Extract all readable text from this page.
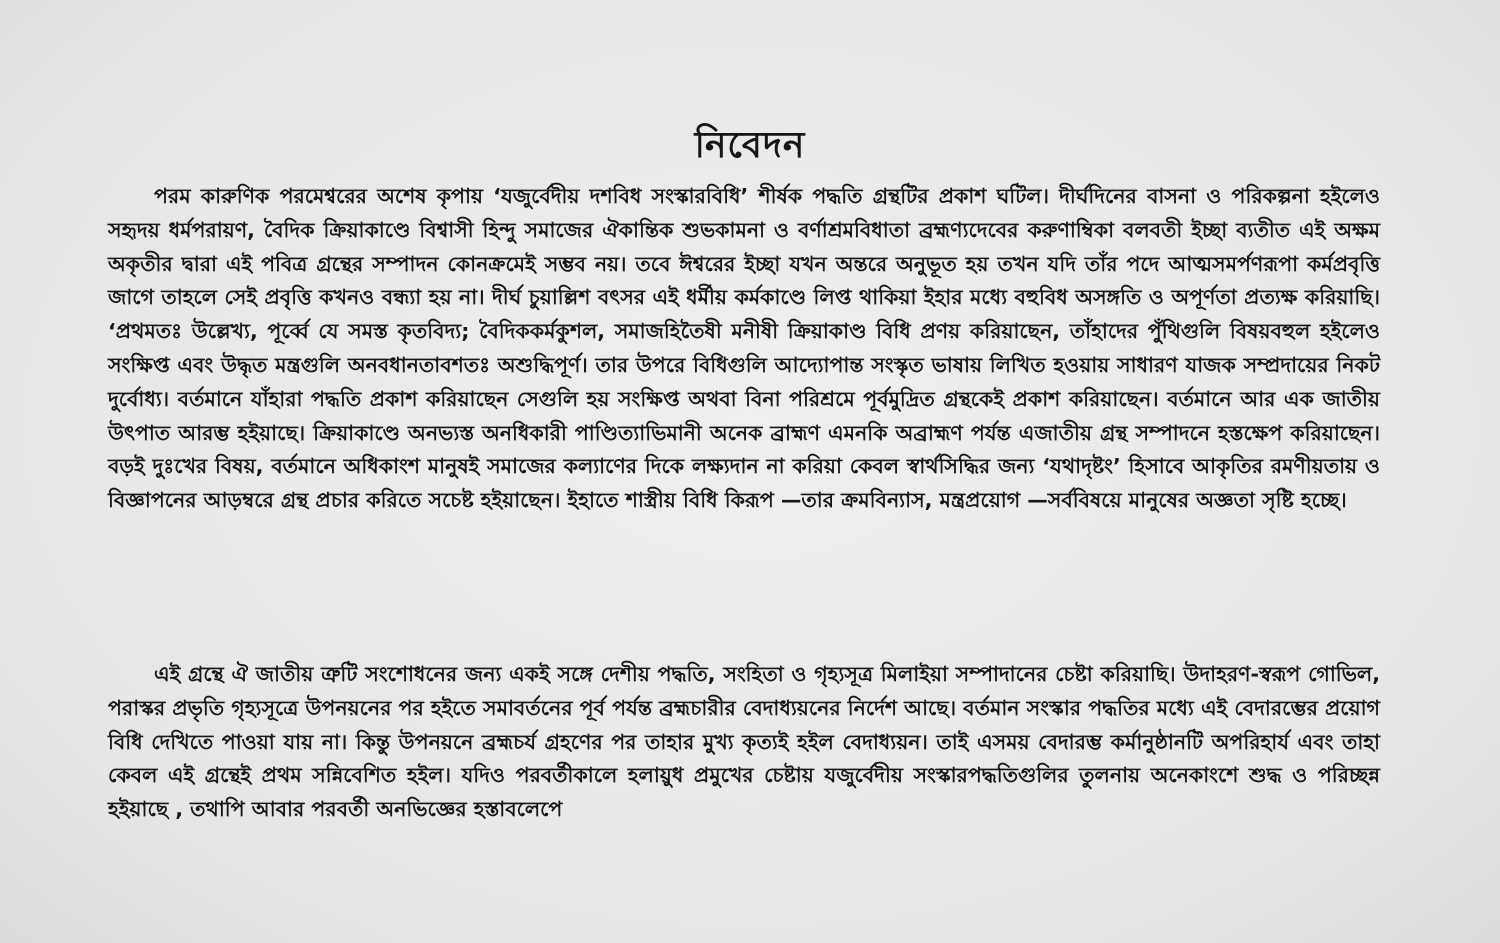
নিবেদন

পরম কারুণিক পরমেশ্বরের অশেষ কৃপায় ‘যজুর্বেদীয় দশবিধ সংস্কারবিধি’ শীর্ষক পদ্ধতি গ্রন্থটির প্রকাশ ঘটিল। দীর্ঘদিনের বাসনা ও পরিকল্পনা হইলেও সহৃদয় ধর্মপরায়ণ, বৈদিক ক্রিয়াকাণ্ডে বিশ্বাসী হিন্দু সমাজের ঐকান্তিক শুভকামনা ও বর্ণাশ্রমবিধাতা ব্রহ্মণ্যদেবের করুণাম্বিকা বলবতী ইচ্ছা ব্যতীত এই অক্ষম অকৃতীর দ্বারা এই পবিত্র গ্রন্থের সম্পাদন কোনক্রমেই সম্ভব নয়। তবে ঈশ্বরের ইচ্ছা যখন অন্তরে অনুভূত হয় তখন যদি তাঁর পদে আত্মসমর্পণরূপা কর্মপ্রবৃত্তি জাগে তাহলে সেই প্রবৃত্তি কখনও বন্ধ্যা হয় না। দীর্ঘ চুয়াল্লিশ বৎসর এই ধর্মীয় কর্মকাণ্ডে লিপ্ত থাকিয়া ইহার মধ্যে বহুবিধ অসঙ্গতি ও অপূর্ণতা প্রত্যক্ষ করিয়াছি। ‘প্রথমতঃ উল্লেখ্য, পূর্ব্বে যে সমস্ত কৃতবিদ্য; বৈদিককর্মকুশল, সমাজহিতৈষী মনীষী ক্রিয়াকাণ্ড বিধি প্রণয় করিয়াছেন, তাঁহাদের পুঁথিগুলি বিষয়বহুল হইলেও সংক্ষিপ্ত এবং উদ্ধৃত মন্ত্রগুলি অনবধানতাবশতঃ অশুদ্ধিপূর্ণ। তার উপরে বিধিগুলি আদ্যোপান্ত সংস্কৃত ভাষায় লিখিত হওয়ায় সাধারণ যাজক সম্প্রদায়ের নিকট দুর্বোধ্য। বর্তমানে যাঁহারা পদ্ধতি প্রকাশ করিয়াছেন সেগুলি হয় সংক্ষিপ্ত অথবা বিনা পরিশ্রমে পূর্বমুদ্রিত গ্রন্থকেই প্রকাশ করিয়াছেন। বর্তমানে আর এক জাতীয় উৎপাত আরম্ভ হইয়াছে। ক্রিয়াকাণ্ডে অনভ্যস্ত অনধিকারী পাণ্ডিত্যাভিমানী অনেক ব্রাহ্মণ এমনকি অব্রাহ্মণ পর্যন্ত এজাতীয় গ্রন্থ সম্পাদনে হস্তক্ষেপ করিয়াছেন। বড়ই দুঃখের বিষয়, বর্তমানে অধিকাংশ মানুষই সমাজের কল্যাণের দিকে লক্ষ্যদান না করিয়া কেবল স্বার্থসিদ্ধির জন্য ‘যথাদৃষ্টং’ হিসাবে আকৃতির রমণীয়তায় ও বিজ্ঞাপনের আড়ম্বরে গ্রন্থ প্রচার করিতে সচেষ্ট হইয়াছেন। ইহাতে শাস্ত্রীয় বিধি কিরূপ —তার ক্রমবিন্যাস, মন্ত্রপ্রয়োগ —সর্ববিষয়ে মানুষের অজ্ঞতা সৃষ্টি হচ্ছে।

এই গ্রন্থে ঐ জাতীয় ত্রুটি সংশোধনের জন্য একই সঙ্গে দেশীয় পদ্ধতি, সংহিতা ও গৃহ্যসূত্র মিলাইয়া সম্পাদানের চেষ্টা করিয়াছি। উদাহরণ-স্বরূপ গোভিল, পরাস্কর প্রভৃতি গৃহ্যসূত্রে উপনয়নের পর হইতে সমাবর্তনের পূর্ব পর্যন্ত ব্রহ্মচারীর বেদাধ্যয়নের নির্দেশ আছে। বর্তমান সংস্কার পদ্ধতির মধ্যে এই বেদারম্ভের প্রয়োগ বিধি দেখিতে পাওয়া যায় না। কিন্তু উপনয়নে ব্রহ্মচর্য গ্রহণের পর তাহার মুখ্য কৃত্যই হইল বেদাধ্যয়ন। তাই এসময় বেদারম্ভ কর্মানুষ্ঠানটি অপরিহার্য এবং তাহা কেবল এই গ্রন্থেই প্রথম সন্নিবেশিত হইল। যদিও পরবর্তীকালে হলায়ুধ প্রমুখের চেষ্টায় যজুর্বেদীয় সংস্কারপদ্ধতিগুলির তুলনায় অনেকাংশে শুদ্ধ ও পরিচ্ছন্ন হইয়াছে , তথাপি আবার পরবর্তী অনভিজ্ঞের হস্তাবলেপে
